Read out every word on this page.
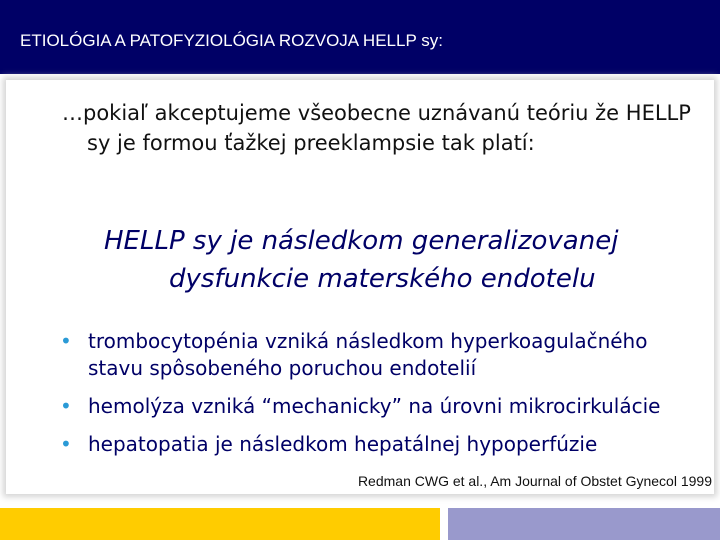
ETIOLÓGIA A PATOFYZIOLÓGIA ROZVOJA HELLP sy:
…pokiaľ akceptujeme všeobecne uznávanú teóriu že HELLP
sy je formou ťažkej preeklampsie tak platí:
HELLP sy je následkom generalizovanej
dysfunkcie materského endotelu
• trombocytopénia vzniká následkom hyperkoagulačného
stavu spôsobeného poruchou endotelií
• hemolýza vzniká “mechanicky” na úrovni mikrocirkulácie
• hepatopatia je následkom hepatálnej hypoperfúzie
Redman CWG et al., Am Journal of Obstet Gynecol 1999
